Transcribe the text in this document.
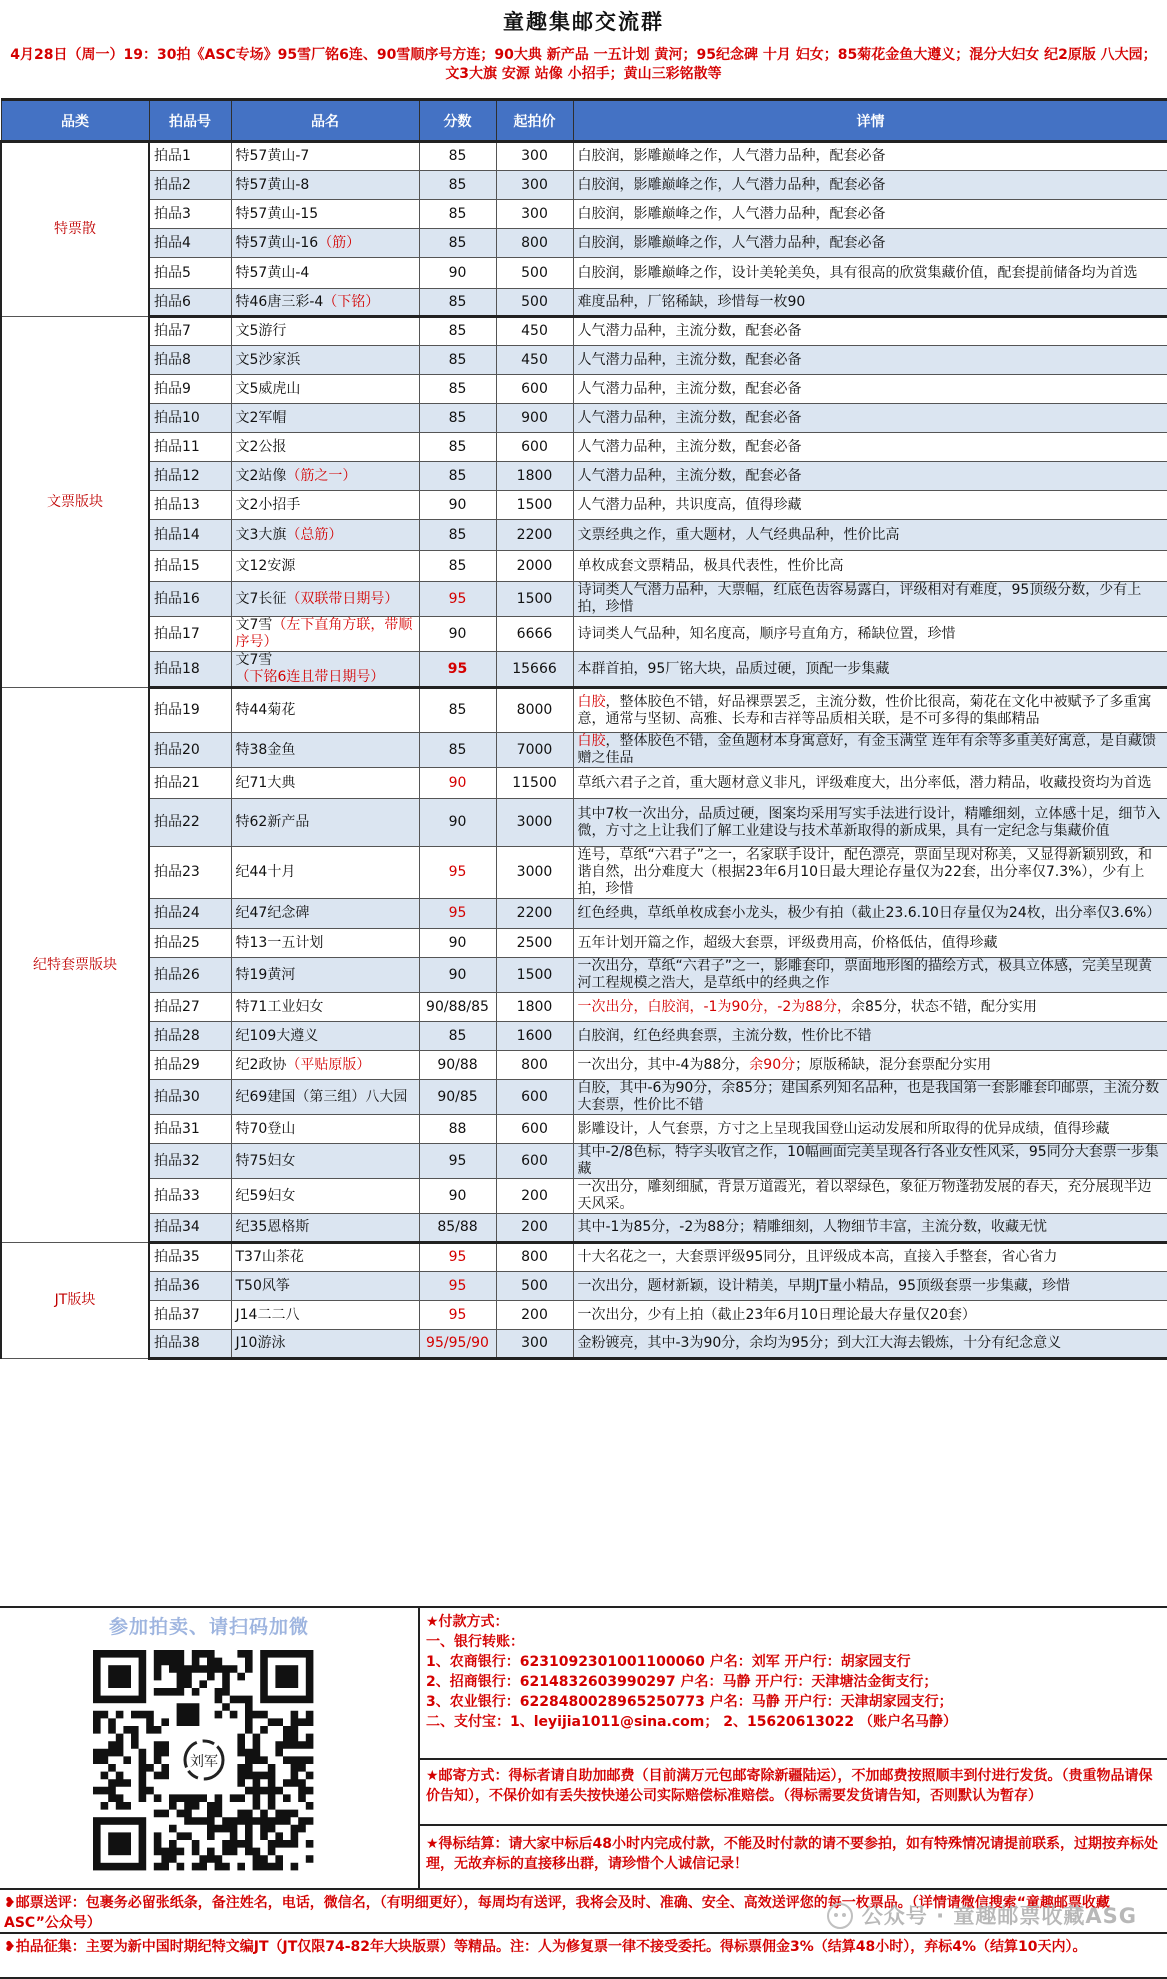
童趣集邮交流群
4月28日（周一）19：30拍《ASC专场》95雪厂铭6连、90雪顺序号方连；90大典 新产品 一五计划 黄河；95纪念碑 十月 妇女；85菊花金鱼大遵义；混分大妇女 纪2原版 八大园；文3大旗 安源 站像 小招手；黄山三彩铭散等
品类	拍品号	品名	分数	起拍价	详情
特票散	拍品1	特57黄山-7	85	300	白胶润，影雕巅峰之作，人气潜力品种，配套必备
	拍品2	特57黄山-8	85	300	白胶润，影雕巅峰之作，人气潜力品种，配套必备
	拍品3	特57黄山-15	85	300	白胶润，影雕巅峰之作，人气潜力品种，配套必备
	拍品4	特57黄山-16（筋）	85	800	白胶润，影雕巅峰之作，人气潜力品种，配套必备
	拍品5	特57黄山-4	90	500	白胶润，影雕巅峰之作，设计美轮美奂，具有很高的欣赏集藏价值，配套提前储备均为首选
	拍品6	特46唐三彩-4（下铭）	85	500	难度品种，厂铭稀缺，珍惜每一枚90
文票版块	拍品7	文5游行	85	450	人气潜力品种，主流分数，配套必备
	拍品8	文5沙家浜	85	450	人气潜力品种，主流分数，配套必备
	拍品9	文5威虎山	85	600	人气潜力品种，主流分数，配套必备
	拍品10	文2军帽	85	900	人气潜力品种，主流分数，配套必备
	拍品11	文2公报	85	600	人气潜力品种，主流分数，配套必备
	拍品12	文2站像（筋之一）	85	1800	人气潜力品种，主流分数，配套必备
	拍品13	文2小招手	90	1500	人气潜力品种，共识度高，值得珍藏
	拍品14	文3大旗（总筋）	85	2200	文票经典之作，重大题材，人气经典品种，性价比高
	拍品15	文12安源	85	2000	单枚成套文票精品，极具代表性，性价比高
	拍品16	文7长征（双联带日期号）	95	1500	诗词类人气潜力品种，大票幅，红底色齿容易露白，评级相对有难度，95顶级分数，少有上拍，珍惜
	拍品17	文7雪（左下直角方联，带顺序号）	90	6666	诗词类人气品种，知名度高，顺序号直角方，稀缺位置，珍惜
	拍品18	文7雪（下铭6连且带日期号）	95	15666	本群首拍，95厂铭大块，品质过硬，顶配一步集藏
纪特套票版块	拍品19	特44菊花	85	8000	白胶，整体胶色不错，好品裸票罢乏，主流分数，性价比很高，菊花在文化中被赋予了多重寓意，通常与坚韧、高雅、长寿和吉祥等品质相关联，是不可多得的集邮精品
	拍品20	特38金鱼	85	7000	白胶，整体胶色不错，金鱼题材本身寓意好，有金玉满堂 连年有余等多重美好寓意，是自藏馈赠之佳品
	拍品21	纪71大典	90	11500	草纸六君子之首，重大题材意义非凡，评级难度大，出分率低，潜力精品，收藏投资均为首选
	拍品22	特62新产品	90	3000	其中7枚一次出分，品质过硬，图案均采用写实手法进行设计，精雕细刻，立体感十足，细节入微，方寸之上让我们了解工业建设与技术革新取得的新成果，具有一定纪念与集藏价值
	拍品23	纪44十月	95	3000	连号，草纸“六君子”之一，名家联手设计，配色漂亮，票面呈现对称美，又显得新颖别致，和谐自然，出分难度大（根据23年6月10日最大理论存量仅为22套，出分率仅7.3%），少有上拍，珍惜
	拍品24	纪47纪念碑	95	2200	红色经典，草纸单枚成套小龙头，极少有拍（截止23.6.10日存量仅为24枚，出分率仅3.6%）
	拍品25	特13一五计划	90	2500	五年计划开篇之作，超级大套票，评级费用高，价格低估，值得珍藏
	拍品26	特19黄河	90	1500	一次出分，草纸“六君子”之一，影雕套印，票面地形图的描绘方式，极具立体感，完美呈现黄河工程规模之浩大，是草纸中的经典之作
	拍品27	特71工业妇女	90/88/85	1800	一次出分，白胶润，-1为90分，-2为88分，余85分，状态不错，配分实用
	拍品28	纪109大遵义	85	1600	白胶润，红色经典套票，主流分数，性价比不错
	拍品29	纪2政协（平贴原版）	90/88	800	一次出分，其中-4为88分，余90分；原版稀缺，混分套票配分实用
	拍品30	纪69建国（第三组）八大园	90/85	600	白胶，其中-6为90分，余85分；建国系列知名品种，也是我国第一套影雕套印邮票，主流分数大套票，性价比不错
	拍品31	特70登山	88	600	影雕设计，人气套票，方寸之上呈现我国登山运动发展和所取得的优异成绩，值得珍藏
	拍品32	特75妇女	95	600	其中-2/8色标，特字头收官之作，10幅画面完美呈现各行各业女性风采，95同分大套票一步集藏
	拍品33	纪59妇女	90	200	一次出分，雕刻细腻，背景万道霞光，着以翠绿色，象征万物蓬勃发展的春天，充分展现半边天风采。
	拍品34	纪35恩格斯	85/88	200	其中-1为85分，-2为88分；精雕细刻，人物细节丰富，主流分数，收藏无忧
JT版块	拍品35	T37山茶花	95	800	十大名花之一，大套票评级95同分，且评级成本高，直接入手整套，省心省力
	拍品36	T50风筝	95	500	一次出分，题材新颖，设计精美，早期JT量小精品，95顶级套票一步集藏，珍惜
	拍品37	J14二二八	95	200	一次出分，少有上拍（截止23年6月10日理论最大存量仅20套）
	拍品38	J10游泳	95/95/90	300	金粉镀亮，其中-3为90分，余均为95分；到大江大海去锻炼，十分有纪念意义
参加拍卖、请扫码加微
刘军
★付款方式：
一、银行转账：
1、农商银行：6231092301001100060 户名：刘军 开户行：胡家园支行
2、招商银行：6214832603990297 户名：马静 开户行：天津塘沽金街支行；
3、农业银行：6228480028965250773 户名：马静 开户行：天津胡家园支行；
二、支付宝：1、leyijia1011@sina.com； 2、15620613022 （账户名马静）
★邮寄方式：得标者请自助加邮费（目前满万元包邮寄除新疆陆运），不加邮费按照顺丰到付进行发货。（贵重物品请保价告知），不保价如有丢失按快递公司实际赔偿标准赔偿。（得标需要发货请告知，否则默认为暂存）
★得标结算：请大家中标后48小时内完成付款，不能及时付款的请不要参拍，如有特殊情况请提前联系，过期按弃标处理，无故弃标的直接移出群，请珍惜个人诚信记录！
❥邮票送评：包裹务必留张纸条，备注姓名，电话，微信名，（有明细更好），每周均有送评，我将会及时、准确、安全、高效送评您的每一枚票品。（详情请微信搜索“童趣邮票收藏ASC”公众号）	公众号 · 童趣邮票收藏ASG
❥拍品征集：主要为新中国时期纪特文编JT（JT仅限74-82年大块版票）等精品。注：人为修复票一律不接受委托。得标票佣金3%（结算48小时），弃标4%（结算10天内）。
